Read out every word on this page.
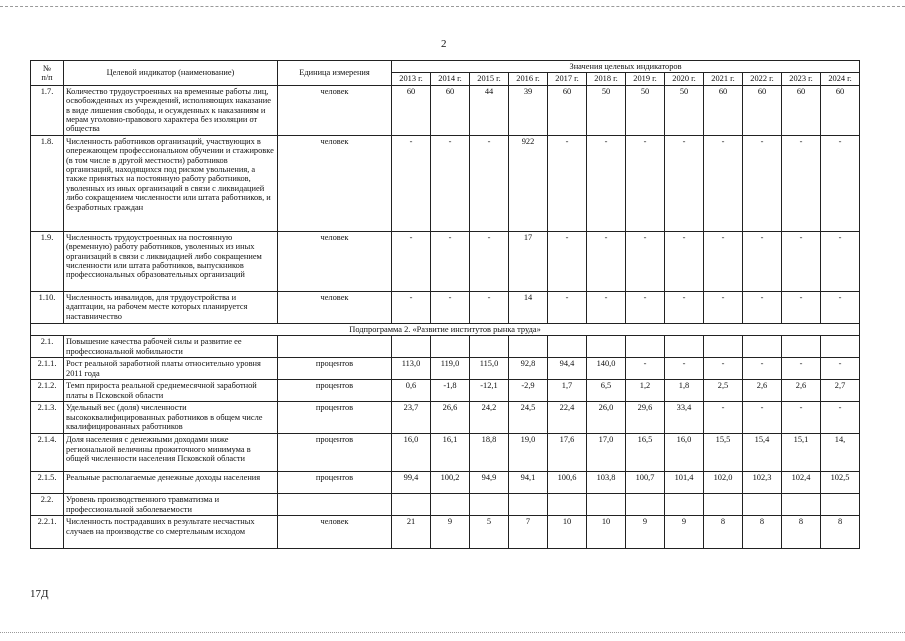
2
№
п/п	Целевой индикатор (наименование)	Единица измерения	Значения целевых индикаторов											
			2013 г.	2014 г.	2015 г.	2016 г.	2017 г.	2018 г.	2019 г.	2020 г.	2021 г.	2022 г.	2023 г.	2024 г.
1.7.	Количество трудоустроенных на временные работы лиц, освобожденных из учреждений, исполняющих наказание в виде лишения свободы, и осужденных к наказаниям и мерам уголовно-правового характера без изоляции от общества	человек	60	60	44	39	60	50	50	50	60	60	60	60
1.8.	Численность работников организаций, участвующих в опережающем профессиональном обучении и стажировке (в том числе в другой местности) работников организаций, находящихся под риском увольнения, а также принятых на постоянную работу работников, уволенных из иных организаций в связи с ликвидацией либо сокращением численности или штата работников, и безработных граждан	человек	-	-	-	922	-	-	-	-	-	-	-	-
1.9.	Численность трудоустроенных на постоянную (временную) работу работников, уволенных из иных организаций в связи с ликвидацией либо сокращением численности или штата работников, выпускников профессиональных образовательных организаций	человек	-	-	-	17	-	-	-	-	-	-	-	-
1.10.	Численность инвалидов, для трудоустройства и адаптации, на рабочем месте которых планируется наставничество	человек	-	-	-	14	-	-	-	-	-	-	-	-
Подпрограмма 2. «Развитие институтов рынка труда»														
2.1.	Повышение качества рабочей силы и развитие ее профессиональной мобильности													
2.1.1.	Рост реальной заработной платы относительно уровня 2011 года	процентов	113,0	119,0	115,0	92,8	94,4	140,0	-	-	-	-	-	-
2.1.2.	Темп прироста реальной среднемесячной заработной платы в Псковской области	процентов	0,6	-1,8	-12,1	-2,9	1,7	6,5	1,2	1,8	2,5	2,6	2,6	2,7
2.1.3.	Удельный вес (доля) численности высококвалифицированных работников в общем числе квалифицированных работников	процентов	23,7	26,6	24,2	24,5	22,4	26,0	29,6	33,4	-	-	-	-
2.1.4.	Доля населения с денежными доходами ниже региональной величины прожиточного минимума в общей численности населения Псковской области	процентов	16,0	16,1	18,8	19,0	17,6	17,0	16,5	16,0	15,5	15,4	15,1	14,
2.1.5.	Реальные располагаемые денежные доходы населения	процентов	99,4	100,2	94,9	94,1	100,6	103,8	100,7	101,4	102,0	102,3	102,4	102,5
2.2.	Уровень производственного травматизма и профессиональной заболеваемости													
2.2.1.	Численность пострадавших в результате несчастных случаев на производстве со смертельным исходом	человек	21	9	5	7	10	10	9	9	8	8	8	8
17Д
